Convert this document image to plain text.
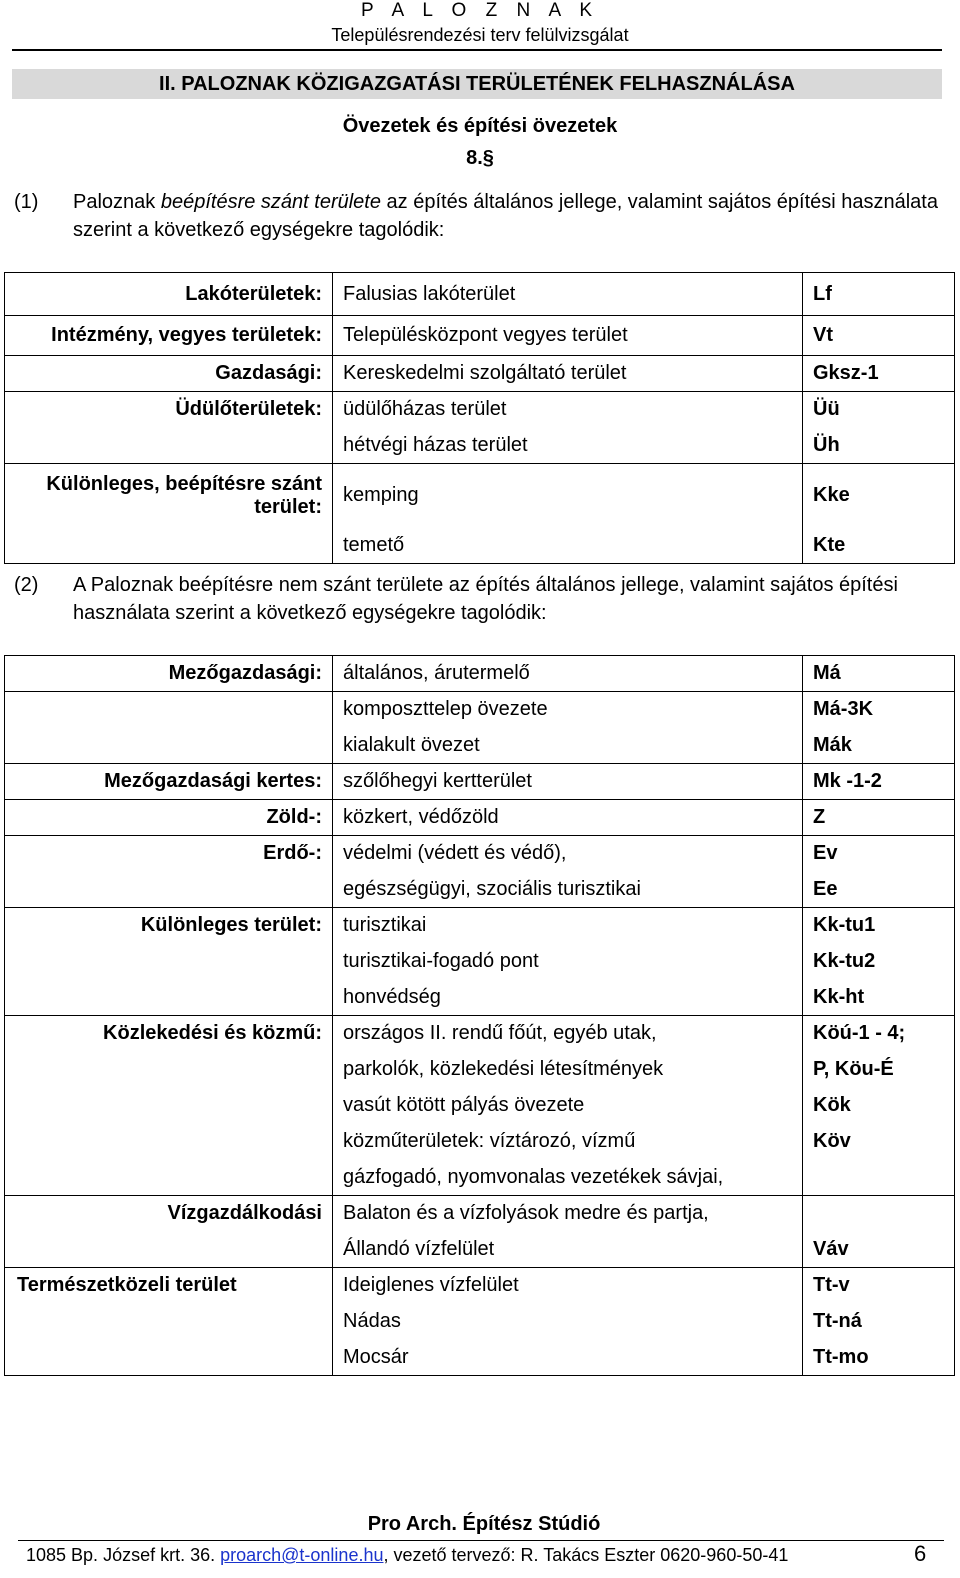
P A L O Z N A K
Településrendezési terv felülvizsgálat
II. PALOZNAK KÖZIGAZGATÁSI TERÜLETÉNEK FELHASZNÁLÁSA
Övezetek és építési övezetek
8.§
(1) Paloznak beépítésre szánt területe az építés általános jellege, valamint sajátos építési használata szerint a következő egységekre tagolódik:
Lakóterületek:	Falusias lakóterület	Lf
Intézmény, vegyes területek:	Településközpont vegyes terület	Vt
Gazdasági:	Kereskedelmi szolgáltató terület	Gksz-1
Üdülőterületek:	üdülőházas terület	Üü
	hétvégi házas terület	Üh
Különleges, beépítésre szánt terület:	kemping	Kke
	temető	Kte
(2) A Paloznak beépítésre nem szánt területe az építés általános jellege, valamint sajátos építési használata szerint a következő egységekre tagolódik:
Mezőgazdasági:	általános, árutermelő	Má
	komposzttelep övezete	Má-3K
	kialakult övezet	Mák
Mezőgazdasági kertes:	szőlőhegyi kertterület	Mk -1-2
Zöld-:	közkert, védőzöld	Z
Erdő-:	védelmi (védett és védő),	Ev
	egészségügyi, szociális turisztikai	Ee
Különleges terület:	turisztikai	Kk-tu1
	turisztikai-fogadó pont	Kk-tu2
	honvédség	Kk-ht
Közlekedési és közmű:	országos II. rendű főút, egyéb utak,	Köú-1 - 4;
	parkolók, közlekedési létesítmények	P, Köu-É
	vasút kötött pályás övezete	Kök
	közműterületek: víztározó, vízmű	Köv
	gázfogadó, nyomvonalas vezetékek sávjai,	
Vízgazdálkodási	Balaton és a vízfolyások medre és partja,	
	Állandó vízfelület	Váv
Természetközeli terület	Ideiglenes vízfelület	Tt-v
	Nádas	Tt-ná
	Mocsár	Tt-mo
Pro Arch. Építész Stúdió
1085 Bp. József krt. 36. proarch@t-online.hu, vezető tervező: R. Takács Eszter 0620-960-50-41	6
